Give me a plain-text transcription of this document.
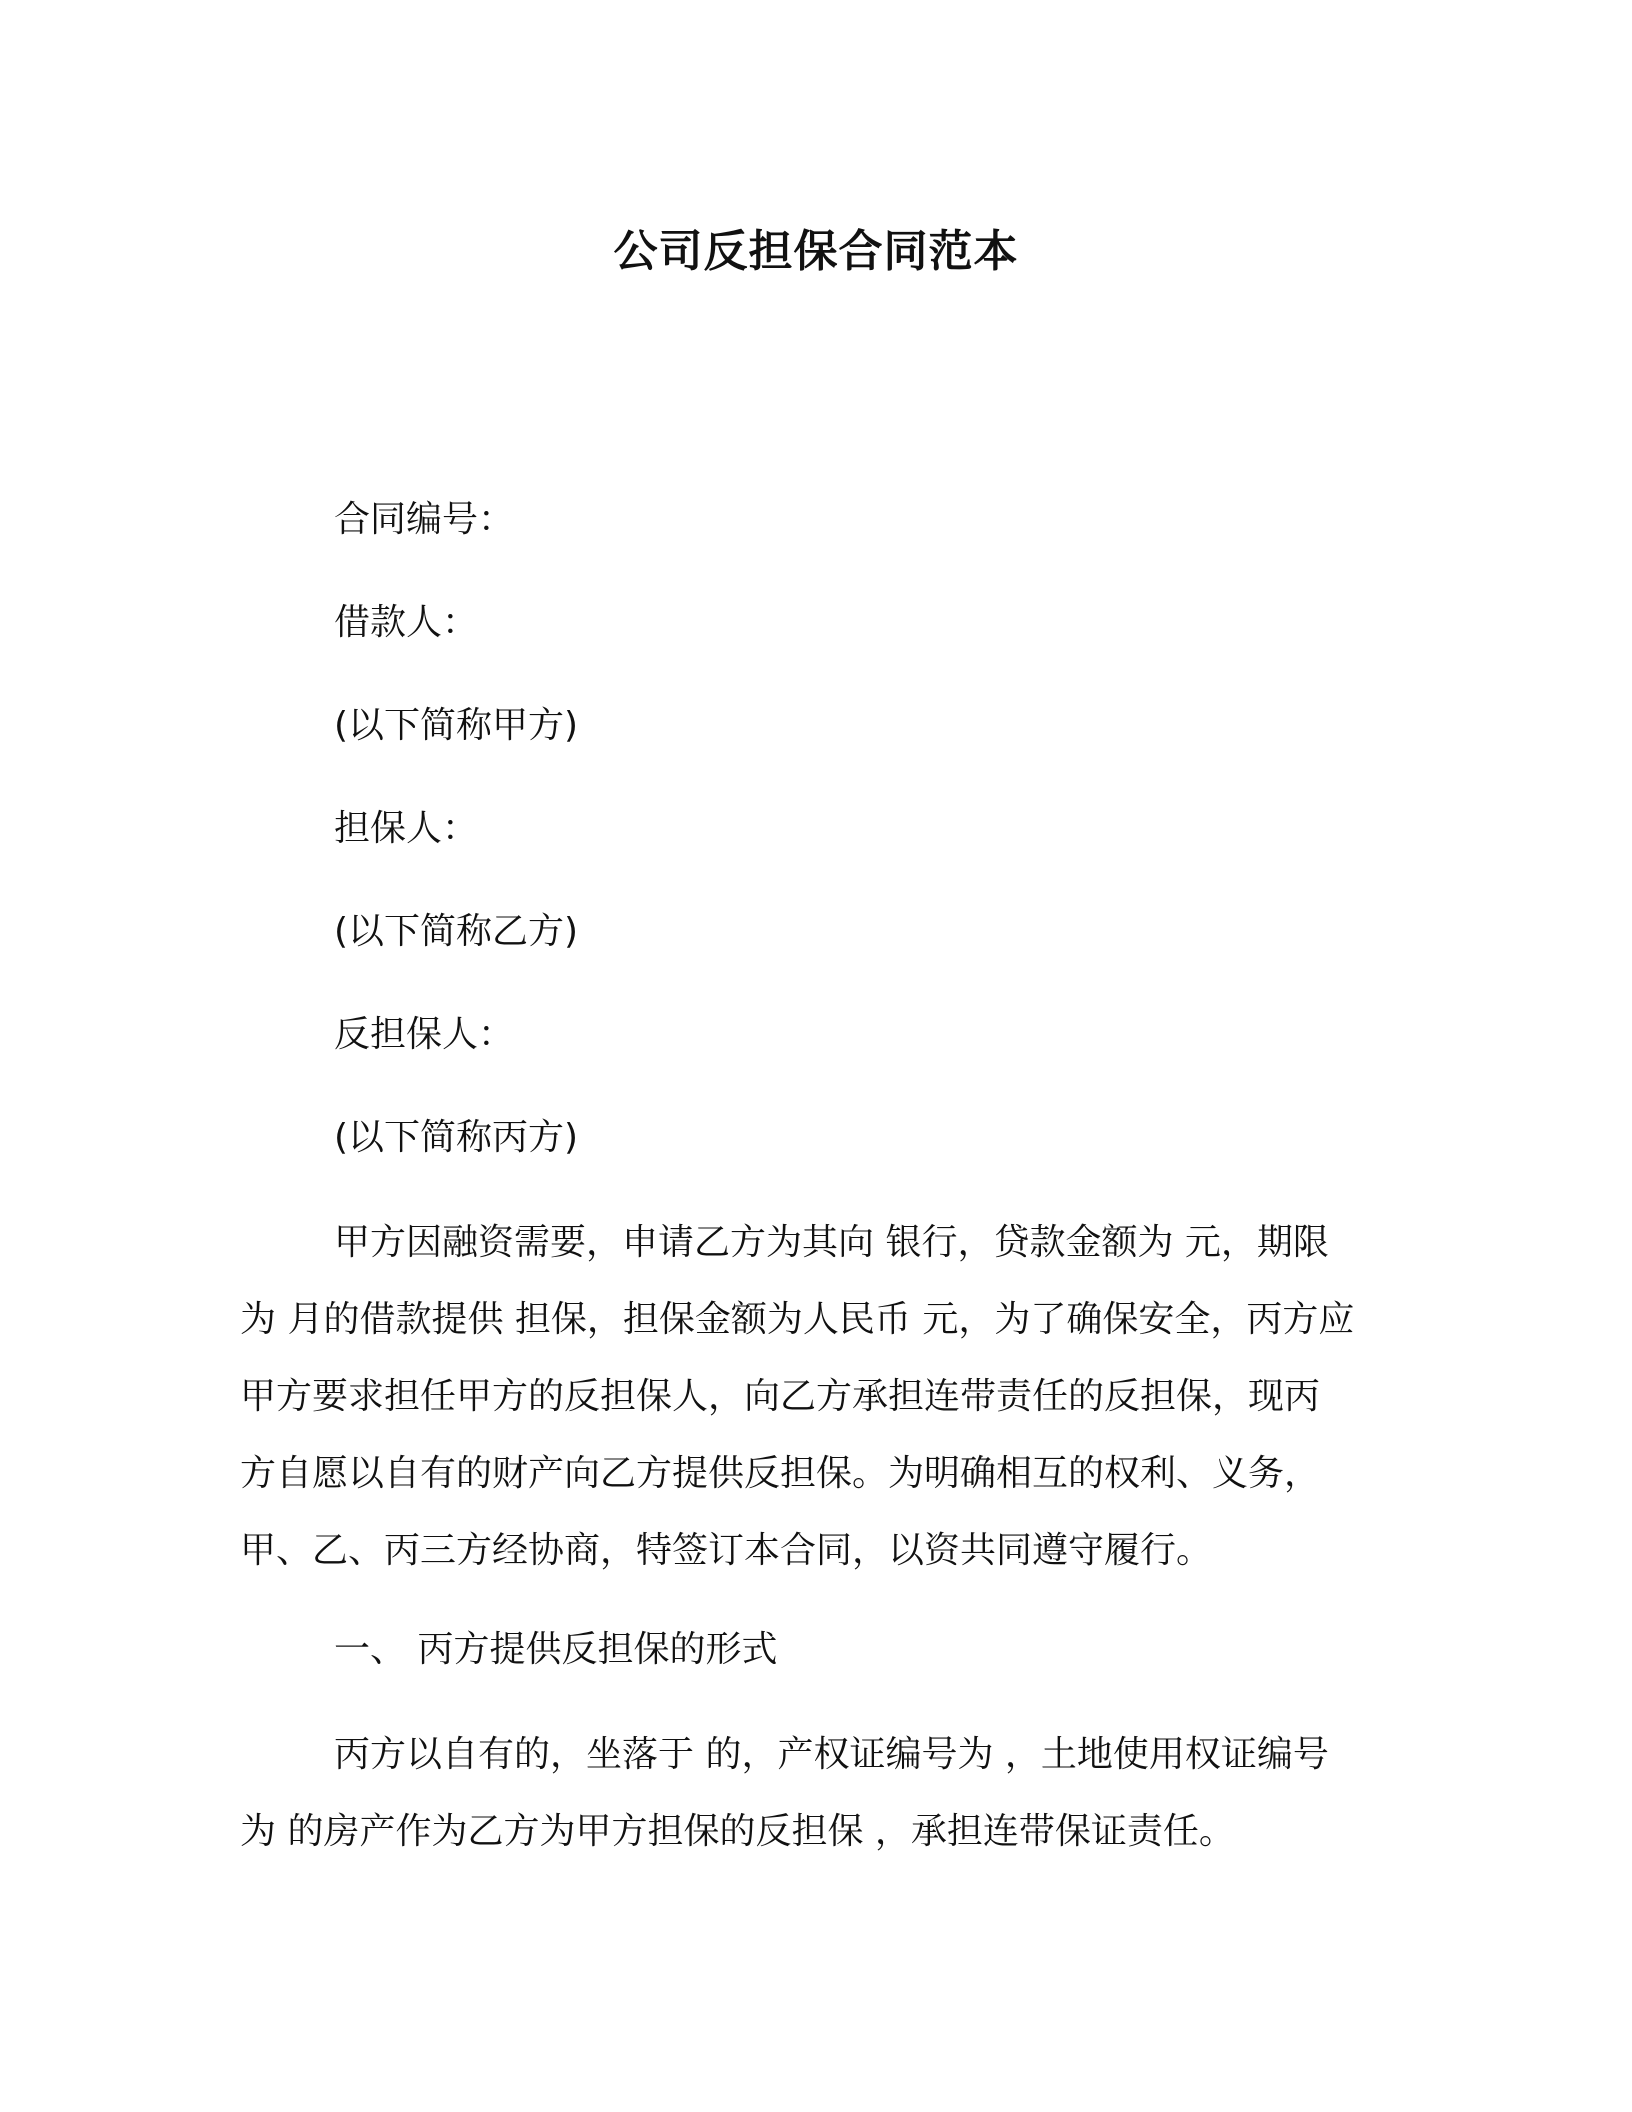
公司反担保合同范本
合同编号：
借款人：
(以下简称甲方)
担保人：
(以下简称乙方)
反担保人：
(以下简称丙方)
甲方因融资需要，申请乙方为其向 银行，贷款金额为 元，期限
为 月的借款提供 担保，担保金额为人民币 元，为了确保安全，丙方应
甲方要求担任甲方的反担保人，向乙方承担连带责任的反担保，现丙
方自愿以自有的财产向乙方提供反担保。为明确相互的权利、义务，
甲、乙、丙三方经协商，特签订本合同，以资共同遵守履行。
一、 丙方提供反担保的形式
丙方以自有的，坐落于 的，产权证编号为 ，土地使用权证编号
为 的房产作为乙方为甲方担保的反担保 ，承担连带保证责任。
